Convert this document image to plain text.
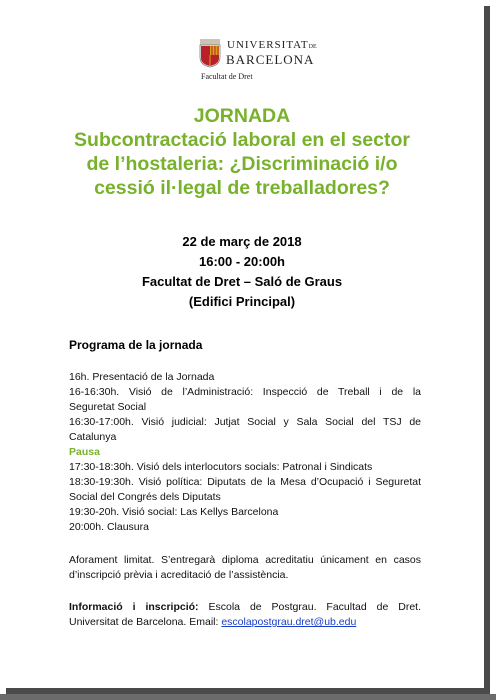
UNIVERSITATDE
BARCELONA
Facultat de Dret
JORNADA
Subcontractació laboral en el sector
de l’hostaleria: ¿Discriminació i/o
cessió il·legal de treballadores?
22 de març de 2018
16:00 - 20:00h
Facultat de Dret – Saló de Graus
(Edifici Principal)
Programa de la jornada
16h. Presentació de la Jornada
16-16:30h. Visió de l’Administració: Inspecció de Treball i de la
Seguretat Social
16:30-17:00h. Visió judicial: Jutjat Social y Sala Social del TSJ de
Catalunya
Pausa
17:30-18:30h. Visió dels interlocutors socials: Patronal i Sindicats
18:30-19:30h. Visió política: Diputats de la Mesa d’Ocupació i Seguretat
Social del Congrés dels Diputats
19:30-20h. Visió social: Las Kellys Barcelona
20:00h. Clausura
Aforament limitat. S’entregarà diploma acreditatiu únicament en casos
d’inscripció prèvia i acreditació de l’assistència.
Informació i inscripció: Escola de Postgrau. Facultad de Dret.
Universitat de Barcelona. Email: escolapostgrau.dret@ub.edu
